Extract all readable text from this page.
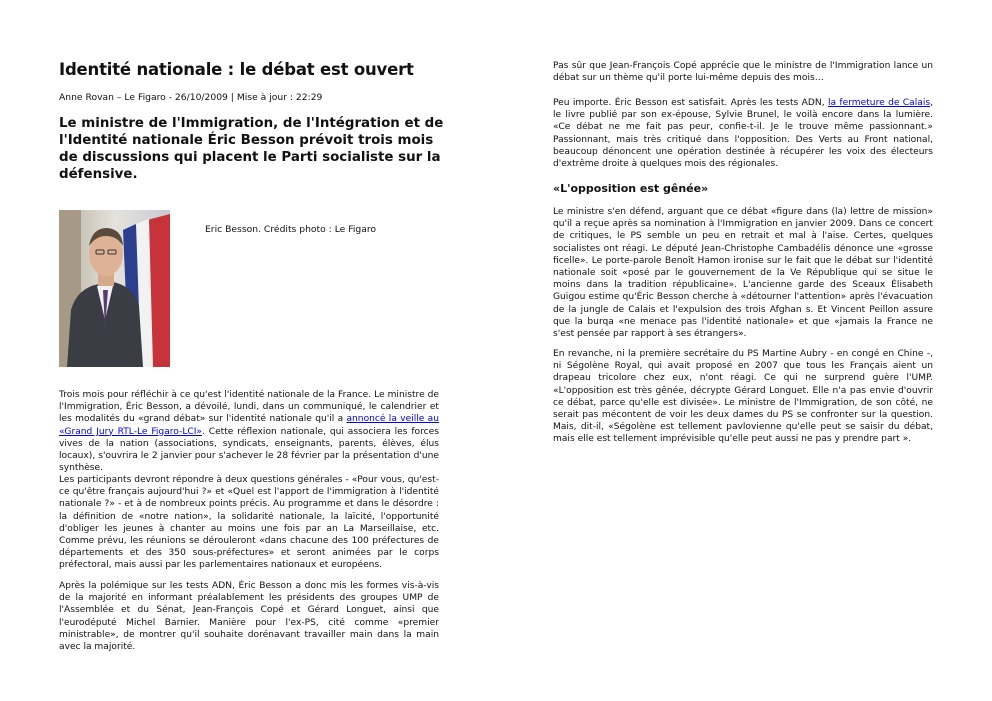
Identité nationale : le débat est ouvert
Anne Rovan – Le Figaro - 26/10/2009 | Mise à jour : 22:29

Le ministre de l'Immigration, de l'Intégration et de l'Identité nationale Éric Besson prévoit trois mois de discussions qui placent le Parti socialiste sur la défensive.

Eric Besson. Crédits photo : Le Figaro

Trois mois pour réfléchir à ce qu'est l'identité nationale de la France. Le ministre de l'Immigration, Éric Besson, a dévoilé, lundi, dans un communiqué, le calendrier et les modalités du «grand débat» sur l'identité nationale qu'il a annoncé la veille au «Grand Jury RTL-Le Figaro-LCI». Cette réflexion nationale, qui associera les forces vives de la nation (associations, syndicats, enseignants, parents, élèves, élus locaux), s'ouvrira le 2 janvier pour s'achever le 28 février par la présentation d'une synthèse.

Les participants devront répondre à deux questions générales - «Pour vous, qu'est-ce qu'être français aujourd'hui ?» et «Quel est l'apport de l'immigration à l'identité nationale ?» - et à de nombreux points précis. Au programme et dans le désordre : la définition de «notre nation», la solidarité nationale, la laïcité, l'opportunité d'obliger les jeunes à chanter au moins une fois par an La Marseillaise, etc. Comme prévu, les réunions se dérouleront «dans chacune des 100 préfectures de départements et des 350 sous-préfectures» et seront animées par le corps préfectoral, mais aussi par les parlementaires nationaux et européens.

Après la polémique sur les tests ADN, Éric Besson a donc mis les formes vis-à-vis de la majorité en informant préalablement les présidents des groupes UMP de l'Assemblée et du Sénat, Jean-François Copé et Gérard Longuet, ainsi que l'eurodéputé Michel Barnier. Manière pour l'ex-PS, cité comme «premier ministrable», de montrer qu'il souhaite dorénavant travailler main dans la main avec la majorité.

Pas sûr que Jean-François Copé apprécie que le ministre de l'Immigration lance un débat sur un thème qu'il porte lui-même depuis des mois…

Peu importe. Éric Besson est satisfait. Après les tests ADN, la fermeture de Calais, le livre publié par son ex-épouse, Sylvie Brunel, le voilà encore dans la lumière. «Ce débat ne me fait pas peur, confie-t-il. Je le trouve même passionnant.» Passionnant, mais très critiqué dans l'opposition. Des Verts au Front national, beaucoup dénoncent une opération destinée à récupérer les voix des électeurs d'extrême droite à quelques mois des régionales.

«L'opposition est gênée»

Le ministre s'en défend, arguant que ce débat «figure dans (la) lettre de mission» qu'il a reçue après sa nomination à l'Immigration en janvier 2009. Dans ce concert de critiques, le PS semble un peu en retrait et mal à l'aise. Certes, quelques socialistes ont réagi. Le député Jean-Christophe Cambadélis dénonce une «grosse ficelle». Le porte-parole Benoît Hamon ironise sur le fait que le débat sur l'identité nationale soit «posé par le gouvernement de la Ve République qui se situe le moins dans la tradition républicaine». L'ancienne garde des Sceaux Élisabeth Guigou estime qu'Éric Besson cherche à «détourner l'attention» après l'évacuation de la jungle de Calais et l'expulsion des trois Afghan s. Et Vincent Peillon assure que la burqa «ne menace pas l'identité nationale» et que «jamais la France ne s'est pensée par rapport à ses étrangers».

En revanche, ni la première secrétaire du PS Martine Aubry - en congé en Chine -, ni Ségolène Royal, qui avait proposé en 2007 que tous les Français aient un drapeau tricolore chez eux, n'ont réagi. Ce qui ne surprend guère l'UMP. «L'opposition est très gênée, décrypte Gérard Longuet. Elle n'a pas envie d'ouvrir ce débat, parce qu'elle est divisée». Le ministre de l'Immigration, de son côté, ne serait pas mécontent de voir les deux dames du PS se confronter sur la question. Mais, dit-il, «Ségolène est tellement pavlovienne qu'elle peut se saisir du débat, mais elle est tellement imprévisible qu'elle peut aussi ne pas y prendre part ».
